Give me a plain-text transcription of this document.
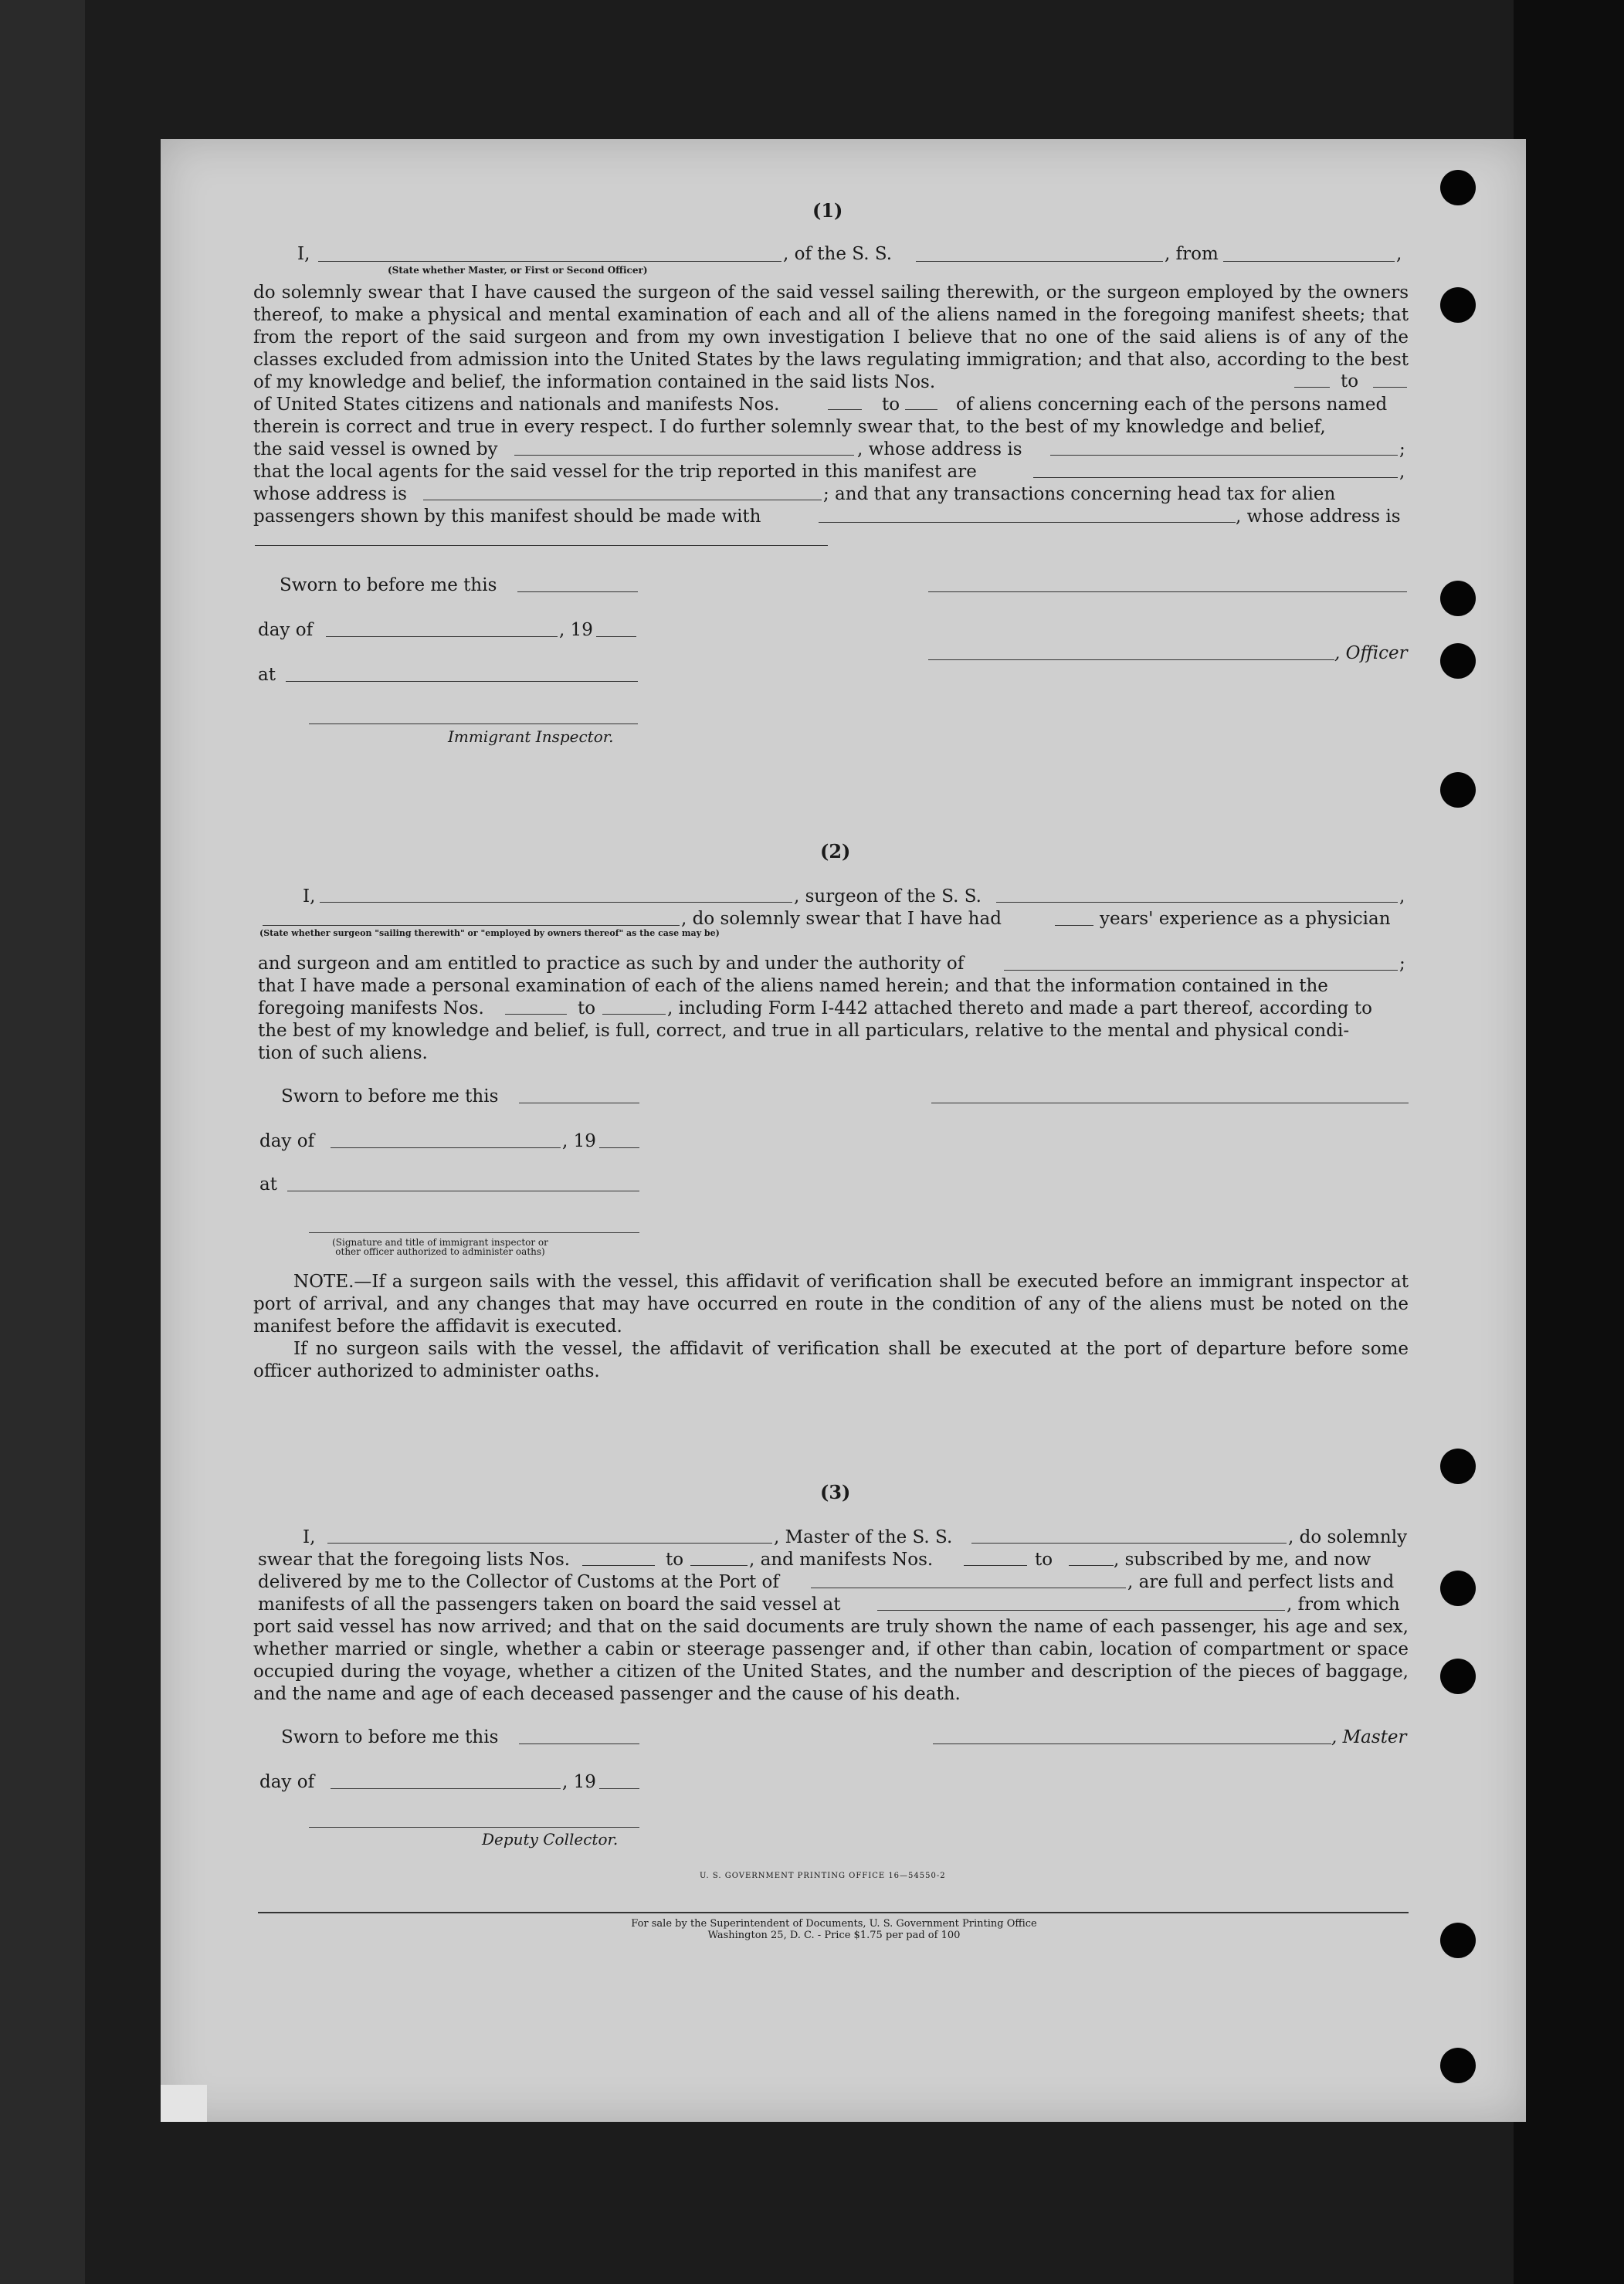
(1)
I,	, of the S. S.	, from	,
(State whether Master, or First or Second Officer)
do solemnly swear that I have caused the surgeon of the said vessel sailing therewith, or the surgeon employed by the owners thereof, to make a physical and mental examination of each and all of the aliens named in the foregoing manifest sheets; that from the report of the said surgeon and from my own investigation I believe that no one of the said aliens is of any of the classes excluded from admission into the United States by the laws regulating immigration; and that also, according to the best of my knowledge and belief, the information contained in the said lists Nos.	to
of United States citizens and nationals and manifests Nos.	to	of aliens concerning each of the persons named
therein is correct and true in every respect. I do further solemnly swear that, to the best of my knowledge and belief,
the said vessel is owned by	, whose address is	;
that the local agents for the said vessel for the trip reported in this manifest are	,
whose address is	; and that any transactions concerning head tax for alien
passengers shown by this manifest should be made with	, whose address is
Sworn to before me this
day of	, 19
, Officer
at
Immigrant Inspector.
(2)
I,	, surgeon of the S. S.	,
, do solemnly swear that I have had	years' experience as a physician
(State whether surgeon "sailing therewith" or "employed by owners thereof" as the case may be)
and surgeon and am entitled to practice as such by and under the authority of	;
that I have made a personal examination of each of the aliens named herein; and that the information contained in the
foregoing manifests Nos.	to	, including Form I-442 attached thereto and made a part thereof, according to
the best of my knowledge and belief, is full, correct, and true in all particulars, relative to the mental and physical condi-
tion of such aliens.
Sworn to before me this
day of	, 19
at
(Signature and title of immigrant inspector or
other officer authorized to administer oaths)
NOTE.—If a surgeon sails with the vessel, this affidavit of verification shall be executed before an immigrant inspector at port of arrival, and any changes that may have occurred en route in the condition of any of the aliens must be noted on the manifest before the affidavit is executed.
If no surgeon sails with the vessel, the affidavit of verification shall be executed at the port of departure before some officer authorized to administer oaths.
(3)
I,	, Master of the S. S.	, do solemnly
swear that the foregoing lists Nos.	to	, and manifests Nos.	to	, subscribed by me, and now
delivered by me to the Collector of Customs at the Port of	, are full and perfect lists and
manifests of all the passengers taken on board the said vessel at	, from which
port said vessel has now arrived; and that on the said documents are truly shown the name of each passenger, his age and sex, whether married or single, whether a cabin or steerage passenger and, if other than cabin, location of compartment or space occupied during the voyage, whether a citizen of the United States, and the number and description of the pieces of baggage, and the name and age of each deceased passenger and the cause of his death.
Sworn to before me this	, Master
day of	, 19
Deputy Collector.
U. S. GOVERNMENT PRINTING OFFICE 16—54550-2
For sale by the Superintendent of Documents, U. S. Government Printing Office
Washington 25, D. C. - Price $1.75 per pad of 100
